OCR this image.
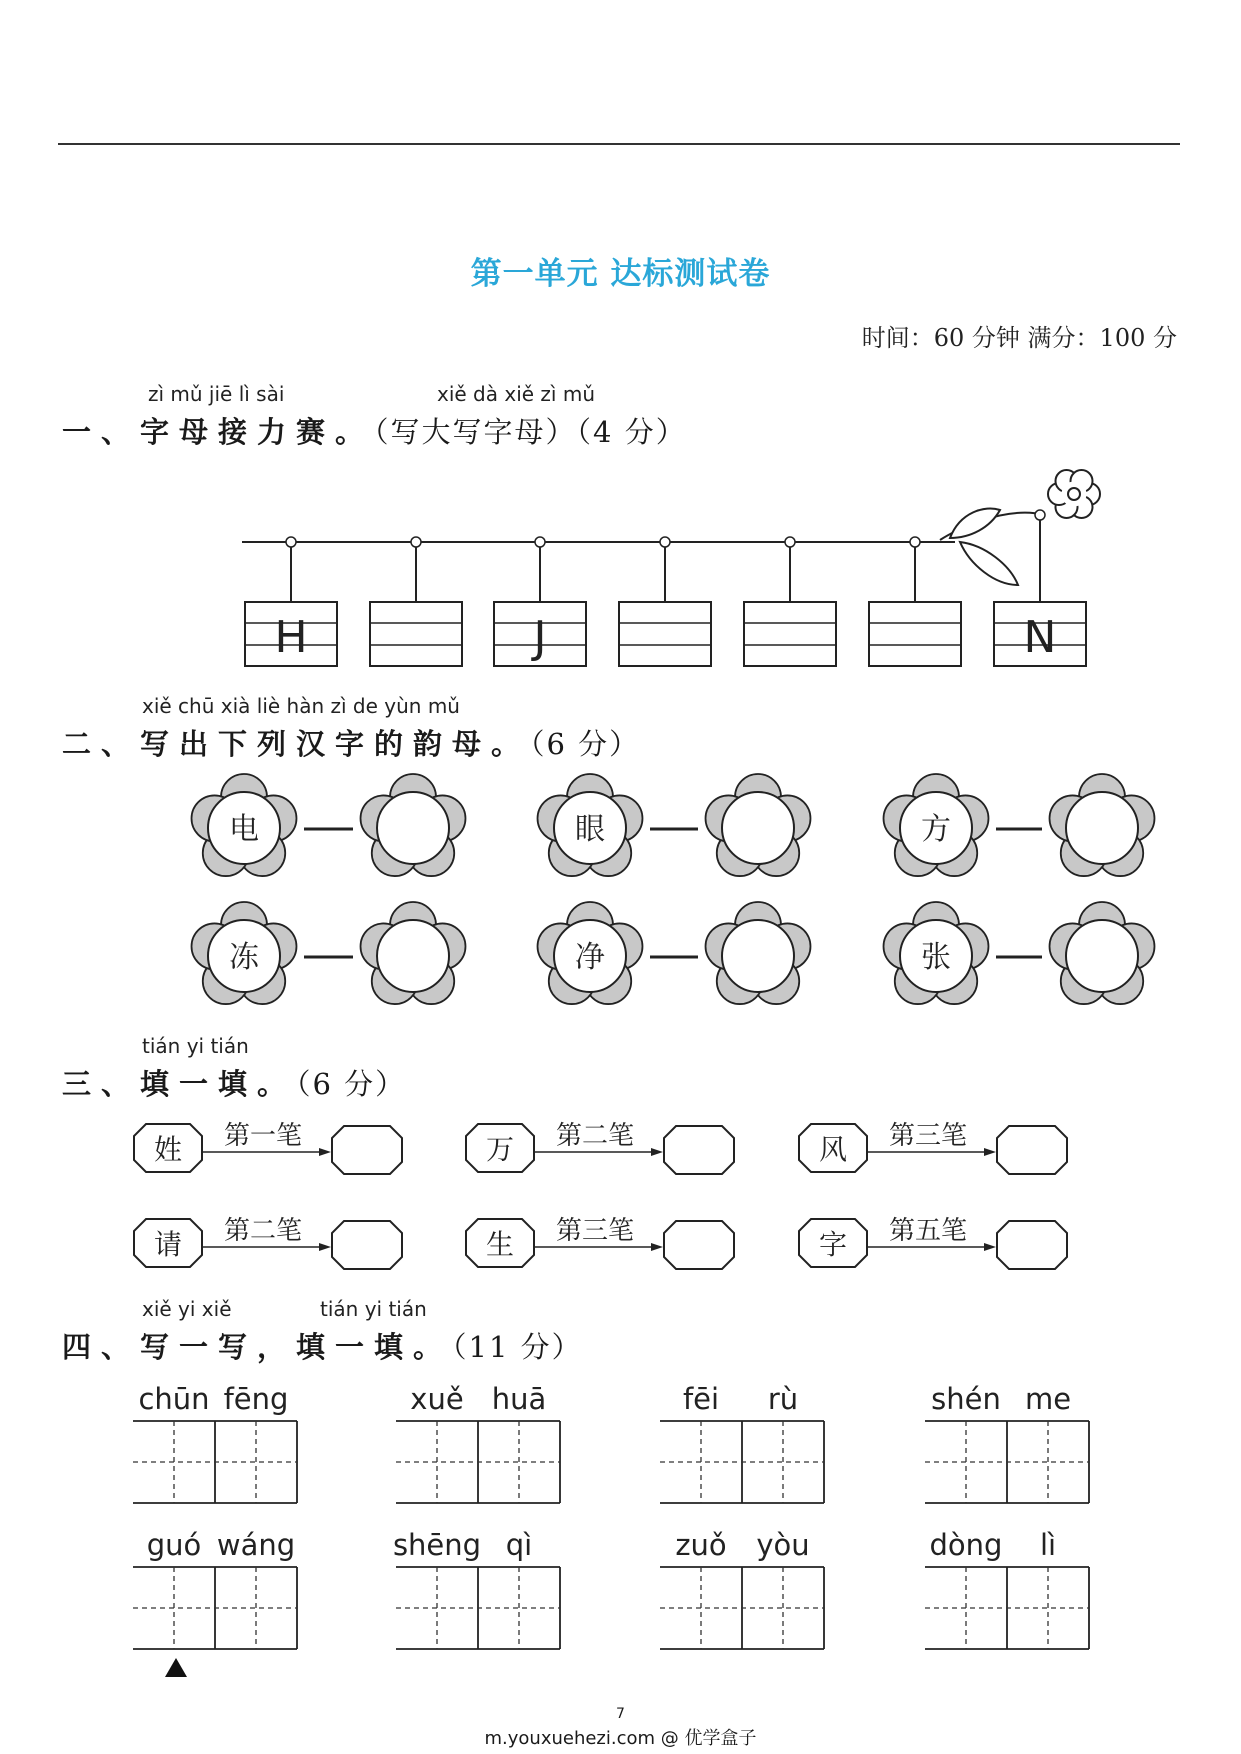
第一单元 达标测试卷
时间：60 分钟 满分：100 分
zì mǔ jiē lì sài	xiě dà xiě zì mǔ
一、字母接力赛。（写大写字母）（4 分）
H	J	N
xiě chū xià liè hàn zì de yùn mǔ
二、写出下列汉字的韵母。（6 分）
电	眼	方
冻	净	张
tián yi tián
三、填一填。（6 分）
姓 第一笔	万 第二笔	风 第三笔
请 第二笔	生 第三笔	字 第五笔
xiě yi xiě	tián yi tián
四、写一写，填一填。（11 分）
chūn fēng	xuě huā	fēi rù	shén me
guó wáng	shēng qì	zuǒ yòu	dòng lì
7
m.youxuehezi.com @ 优学盒子
